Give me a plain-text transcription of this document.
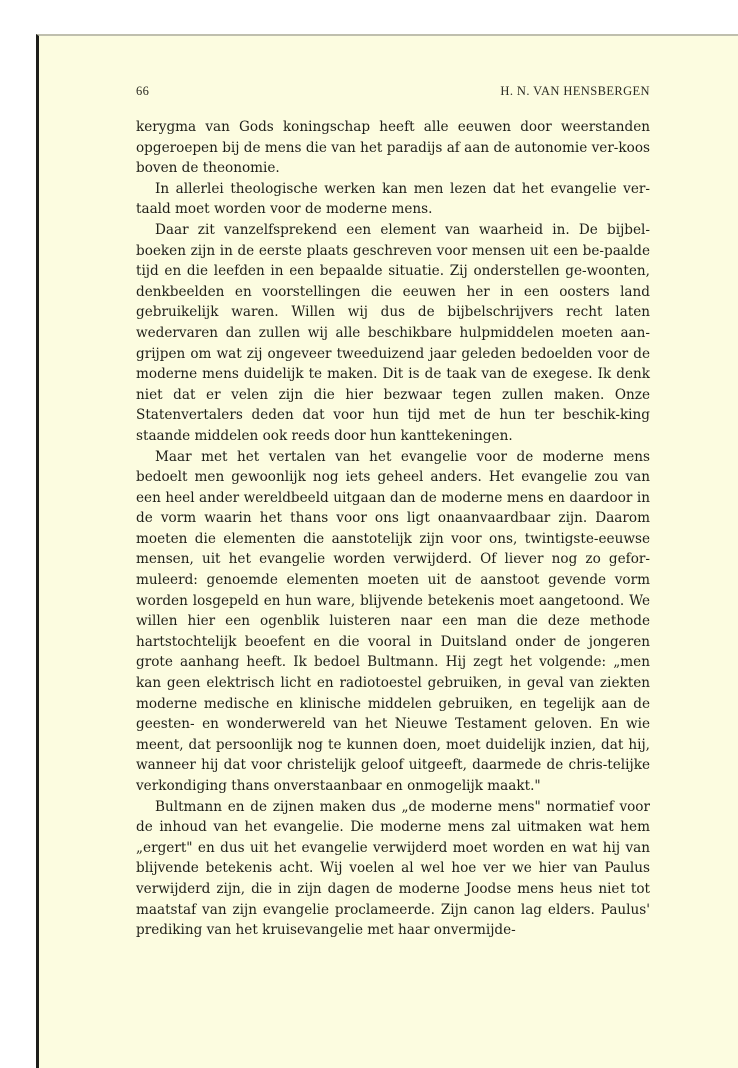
66	H. N. VAN HENSBERGEN

kerygma van Gods koningschap heeft alle eeuwen door weerstanden opgeroepen bij de mens die van het paradijs af aan de autonomie ver-koos boven de theonomie.

In allerlei theologische werken kan men lezen dat het evangelie ver-taald moet worden voor de moderne mens.

Daar zit vanzelfsprekend een element van waarheid in. De bijbel-boeken zijn in de eerste plaats geschreven voor mensen uit een be-paalde tijd en die leefden in een bepaalde situatie. Zij onderstellen ge-woonten, denkbeelden en voorstellingen die eeuwen her in een oosters land gebruikelijk waren. Willen wij dus de bijbelschrijvers recht laten wedervaren dan zullen wij alle beschikbare hulpmiddelen moeten aan-grijpen om wat zij ongeveer tweeduizend jaar geleden bedoelden voor de moderne mens duidelijk te maken. Dit is de taak van de exegese. Ik denk niet dat er velen zijn die hier bezwaar tegen zullen maken. Onze Statenvertalers deden dat voor hun tijd met de hun ter beschik-king staande middelen ook reeds door hun kanttekeningen.

Maar met het vertalen van het evangelie voor de moderne mens bedoelt men gewoonlijk nog iets geheel anders. Het evangelie zou van een heel ander wereldbeeld uitgaan dan de moderne mens en daardoor in de vorm waarin het thans voor ons ligt onaanvaardbaar zijn. Daarom moeten die elementen die aanstotelijk zijn voor ons, twintigste-eeuwse mensen, uit het evangelie worden verwijderd. Of liever nog zo gefor-muleerd: genoemde elementen moeten uit de aanstoot gevende vorm worden losgepeld en hun ware, blijvende betekenis moet aangetoond. We willen hier een ogenblik luisteren naar een man die deze methode hartstochtelijk beoefent en die vooral in Duitsland onder de jongeren grote aanhang heeft. Ik bedoel Bultmann. Hij zegt het volgende: „men kan geen elektrisch licht en radiotoestel gebruiken, in geval van ziekten moderne medische en klinische middelen gebruiken, en tegelijk aan de geesten- en wonderwereld van het Nieuwe Testament geloven. En wie meent, dat persoonlijk nog te kunnen doen, moet duidelijk inzien, dat hij, wanneer hij dat voor christelijk geloof uitgeeft, daarmede de chris-telijke verkondiging thans onverstaanbaar en onmogelijk maakt."

Bultmann en de zijnen maken dus „de moderne mens" normatief voor de inhoud van het evangelie. Die moderne mens zal uitmaken wat hem „ergert" en dus uit het evangelie verwijderd moet worden en wat hij van blijvende betekenis acht. Wij voelen al wel hoe ver we hier van Paulus verwijderd zijn, die in zijn dagen de moderne Joodse mens heus niet tot maatstaf van zijn evangelie proclameerde. Zijn canon lag elders. Paulus' prediking van het kruisevangelie met haar onvermijde-
